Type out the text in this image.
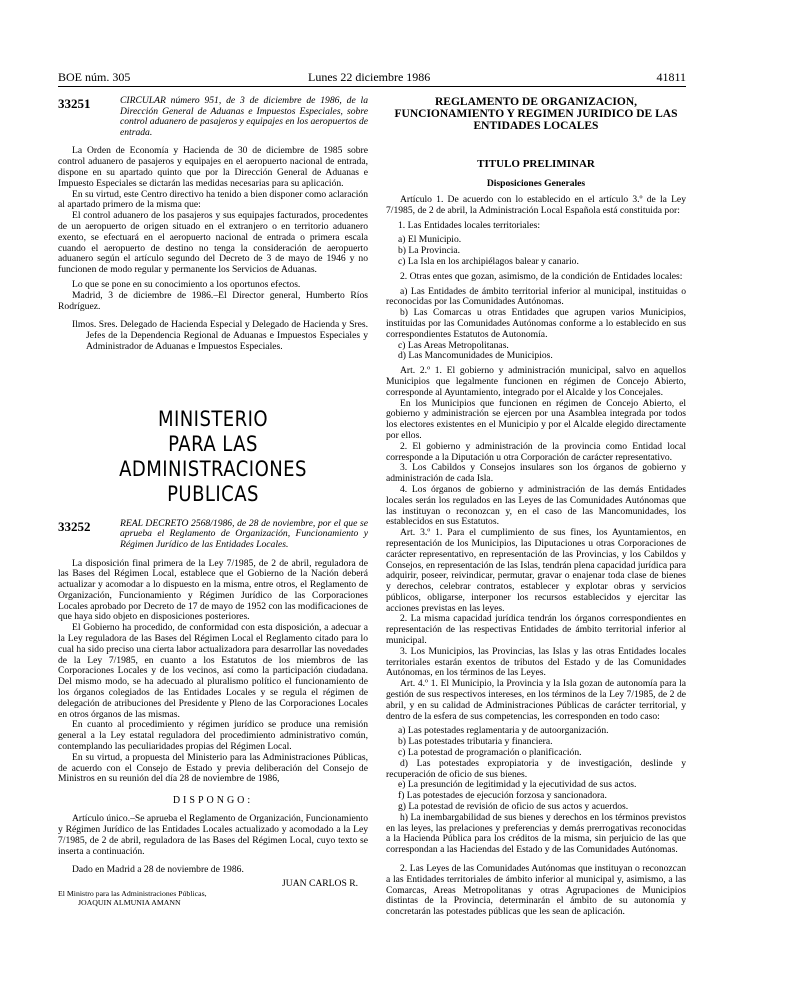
BOE núm. 305	Lunes 22 diciembre 1986	41811
33251	CIRCULAR número 951, de 3 de diciembre de 1986, de la Dirección General de Aduanas e Impuestos Especiales, sobre control aduanero de pasajeros y equipajes en los aeropuertos de entrada.

La Orden de Economía y Hacienda de 30 de diciembre de 1985 sobre control aduanero de pasajeros y equipajes en el aeropuerto nacional de entrada, dispone en su apartado quinto que por la Dirección General de Aduanas e Impuesto Especiales se dictarán las medidas necesarias para su aplicación.

En su virtud, este Centro directivo ha tenido a bien disponer como aclaración al apartado primero de la misma que:

El control aduanero de los pasajeros y sus equipajes facturados, procedentes de un aeropuerto de origen situado en el extranjero o en territorio aduanero exento, se efectuará en el aeropuerto nacional de entrada o primera escala cuando el aeropuerto de destino no tenga la consideración de aeropuerto aduanero según el artículo segundo del Decreto de 3 de mayo de 1946 y no funcionen de modo regular y permanente los Servicios de Aduanas.

Lo que se pone en su conocimiento a los oportunos efectos.

Madrid, 3 de diciembre de 1986.–El Director general, Humberto Ríos Rodríguez.

Ilmos. Sres. Delegado de Hacienda Especial y Delegado de Hacienda y Sres. Jefes de la Dependencia Regional de Aduanas e Impuestos Especiales y Administrador de Aduanas e Impuestos Especiales.

MINISTERIO
PARA LAS ADMINISTRACIONES
PUBLICAS
33252	REAL DECRETO 2568/1986, de 28 de noviembre, por el que se aprueba el Reglamento de Organización, Funcionamiento y Régimen Jurídico de las Entidades Locales.

La disposición final primera de la Ley 7/1985, de 2 de abril, reguladora de las Bases del Régimen Local, establece que el Gobierno de la Nación deberá actualizar y acomodar a lo dispuesto en la misma, entre otros, el Reglamento de Organización, Funcionamiento y Régimen Jurídico de las Corporaciones Locales aprobado por Decreto de 17 de mayo de 1952 con las modificaciones de que haya sido objeto en disposiciones posteriores.

El Gobierno ha procedido, de conformidad con esta disposición, a adecuar a la Ley reguladora de las Bases del Régimen Local el Reglamento citado para lo cual ha sido preciso una cierta labor actualizadora para desarrollar las novedades de la Ley 7/1985, en cuanto a los Estatutos de los miembros de las Corporaciones Locales y de los vecinos, así como la participación ciudadana. Del mismo modo, se ha adecuado al pluralismo político el funcionamiento de los órganos colegiados de las Entidades Locales y se regula el régimen de delegación de atribuciones del Presidente y Pleno de las Corporaciones Locales en otros órganos de las mismas.

En cuanto al procedimiento y régimen jurídico se produce una remisión general a la Ley estatal reguladora del procedimiento administrativo común, contemplando las peculiaridades propias del Régimen Local.

En su virtud, a propuesta del Ministerio para las Administraciones Públicas, de acuerdo con el Consejo de Estado y previa deliberación del Consejo de Ministros en su reunión del día 28 de noviembre de 1986,

DISPONGO:

Artículo único.–Se aprueba el Reglamento de Organización, Funcionamiento y Régimen Jurídico de las Entidades Locales actualizado y acomodado a la Ley 7/1985, de 2 de abril, reguladora de las Bases del Régimen Local, cuyo texto se inserta a continuación.

Dado en Madrid a 28 de noviembre de 1986.

JUAN CARLOS R.

El Ministro para las Administraciones Públicas,

JOAQUIN ALMUNIA AMANN

REGLAMENTO DE ORGANIZACION, FUNCIONAMIENTO Y REGIMEN JURIDICO DE LAS ENTIDADES LOCALES

TITULO PRELIMINAR

Disposiciones Generales

Artículo 1. De acuerdo con lo establecido en el artículo 3.º de la Ley 7/1985, de 2 de abril, la Administración Local Española está constituida por:

1. Las Entidades locales territoriales:

a) El Municipio.

b) La Provincia.

c) La Isla en los archipiélagos balear y canario.

2. Otras entes que gozan, asimismo, de la condición de Entidades locales:

a) Las Entidades de ámbito territorial inferior al municipal, instituidas o reconocidas por las Comunidades Autónomas.

b) Las Comarcas u otras Entidades que agrupen varios Municipios, instituidas por las Comunidades Autónomas conforme a lo establecido en sus correspondientes Estatutos de Autonomía.

c) Las Areas Metropolitanas.

d) Las Mancomunidades de Municipios.

Art. 2.º 1. El gobierno y administración municipal, salvo en aquellos Municipios que legalmente funcionen en régimen de Concejo Abierto, corresponde al Ayuntamiento, integrado por el Alcalde y los Concejales.

En los Municipios que funcionen en régimen de Concejo Abierto, el gobierno y administración se ejercen por una Asamblea integrada por todos los electores existentes en el Municipio y por el Alcalde elegido directamente por ellos.

2. El gobierno y administración de la provincia como Entidad local corresponde a la Diputación u otra Corporación de carácter representativo.

3. Los Cabildos y Consejos insulares son los órganos de gobierno y administración de cada Isla.

4. Los órganos de gobierno y administración de las demás Entidades locales serán los regulados en las Leyes de las Comunidades Autónomas que las instituyan o reconozcan y, en el caso de las Mancomunidades, los establecidos en sus Estatutos.

Art. 3.º 1. Para el cumplimiento de sus fines, los Ayuntamientos, en representación de los Municipios, las Diputaciones u otras Corporaciones de carácter representativo, en representación de las Provincias, y los Cabildos y Consejos, en representación de las Islas, tendrán plena capacidad jurídica para adquirir, poseer, reivindicar, permutar, gravar o enajenar toda clase de bienes y derechos, celebrar contratos, establecer y explotar obras y servicios públicos, obligarse, interponer los recursos establecidos y ejercitar las acciones previstas en las leyes.

2. La misma capacidad jurídica tendrán los órganos correspondientes en representación de las respectivas Entidades de ámbito territorial inferior al municipal.

3. Los Municipios, las Provincias, las Islas y las otras Entidades locales territoriales estarán exentos de tributos del Estado y de las Comunidades Autónomas, en los términos de las Leyes.

Art. 4.º 1. El Municipio, la Provincia y la Isla gozan de autonomía para la gestión de sus respectivos intereses, en los términos de la Ley 7/1985, de 2 de abril, y en su calidad de Administraciones Públicas de carácter territorial, y dentro de la esfera de sus competencias, les corresponden en todo caso:

a) Las potestades reglamentaria y de autoorganización.

b) Las potestades tributaria y financiera.

c) La potestad de programación o planificación.

d) Las potestades expropiatoria y de investigación, deslinde y recuperación de oficio de sus bienes.

e) La presunción de legitimidad y la ejecutividad de sus actos.

f) Las potestades de ejecución forzosa y sancionadora.

g) La potestad de revisión de oficio de sus actos y acuerdos.

h) La inembargabilidad de sus bienes y derechos en los términos previstos en las leyes, las prelaciones y preferencias y demás prerrogativas reconocidas a la Hacienda Pública para los créditos de la misma, sin perjuicio de las que correspondan a las Haciendas del Estado y de las Comunidades Autónomas.

2. Las Leyes de las Comunidades Autónomas que instituyan o reconozcan a las Entidades territoriales de ámbito inferior al municipal y, asimismo, a las Comarcas, Areas Metropolitanas y otras Agrupaciones de Municipios distintas de la Provincia, determinarán el ámbito de su autonomía y concretarán las potestades públicas que les sean de aplicación.
